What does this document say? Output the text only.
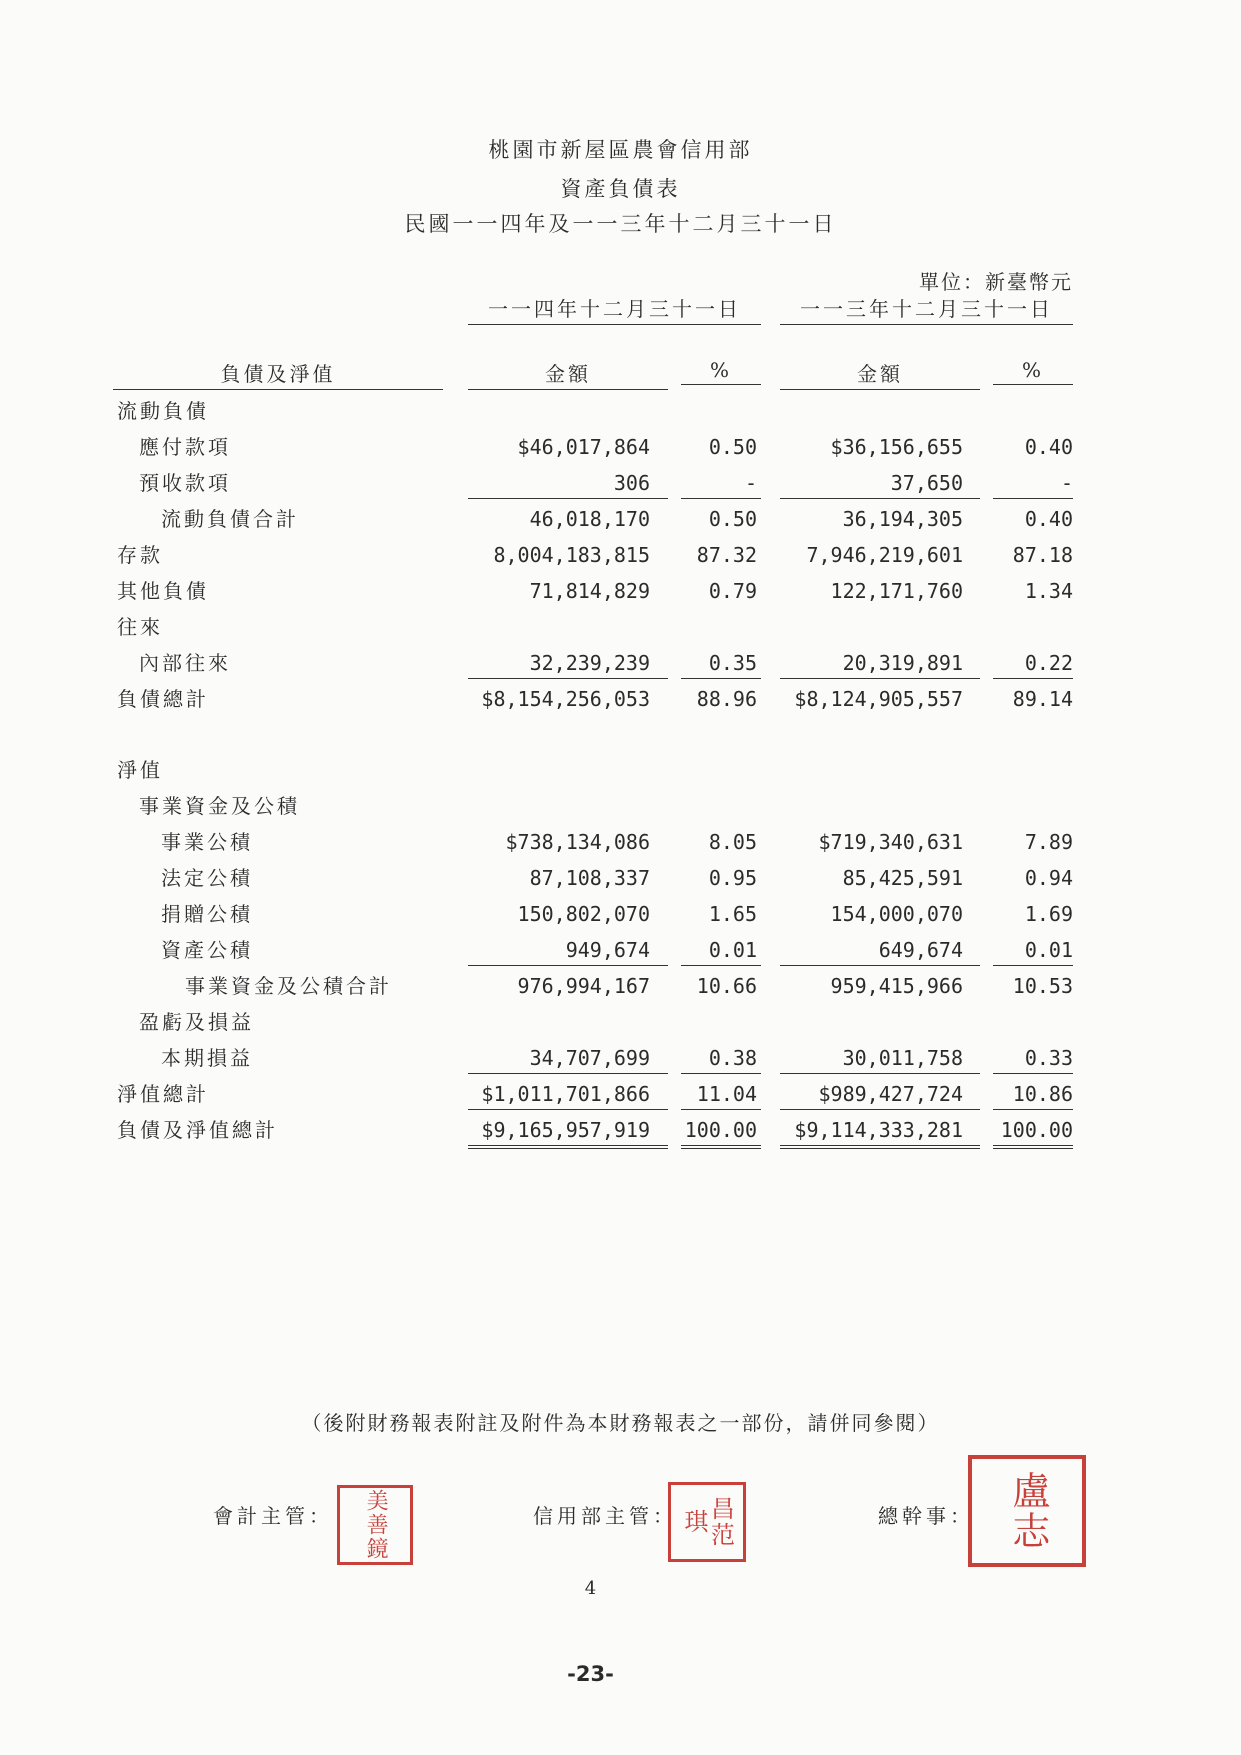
桃園市新屋區農會信用部
資產負債表
民國一一四年及一一三年十二月三十一日
單位：新臺幣元
一一四年十二月三十一日	一一三年十二月三十一日
負債及淨值	金額	%	金額	%
流動負債
應付款項	$46,017,864	0.50	$36,156,655	0.40
預收款項	306	-	37,650	-
流動負債合計	46,018,170	0.50	36,194,305	0.40
存款	8,004,183,815	87.32	7,946,219,601	87.18
其他負債	71,814,829	0.79	122,171,760	1.34
往來
內部往來	32,239,239	0.35	20,319,891	0.22
負債總計	$8,154,256,053	88.96	$8,124,905,557	89.14
淨值
事業資金及公積
事業公積	$738,134,086	8.05	$719,340,631	7.89
法定公積	87,108,337	0.95	85,425,591	0.94
捐贈公積	150,802,070	1.65	154,000,070	1.69
資產公積	949,674	0.01	649,674	0.01
事業資金及公積合計	976,994,167	10.66	959,415,966	10.53
盈虧及損益
本期損益	34,707,699	0.38	30,011,758	0.33
淨值總計	$1,011,701,866	11.04	$989,427,724	10.86
負債及淨值總計	$9,165,957,919 100.00	$9,114,333,281 100.00
（後附財務報表附註及附件為本財務報表之一部份，請併同參閱）
會計主管： 美善鏡	信用部主管：	昌范琪	總幹事： 盧志
4
-23-
